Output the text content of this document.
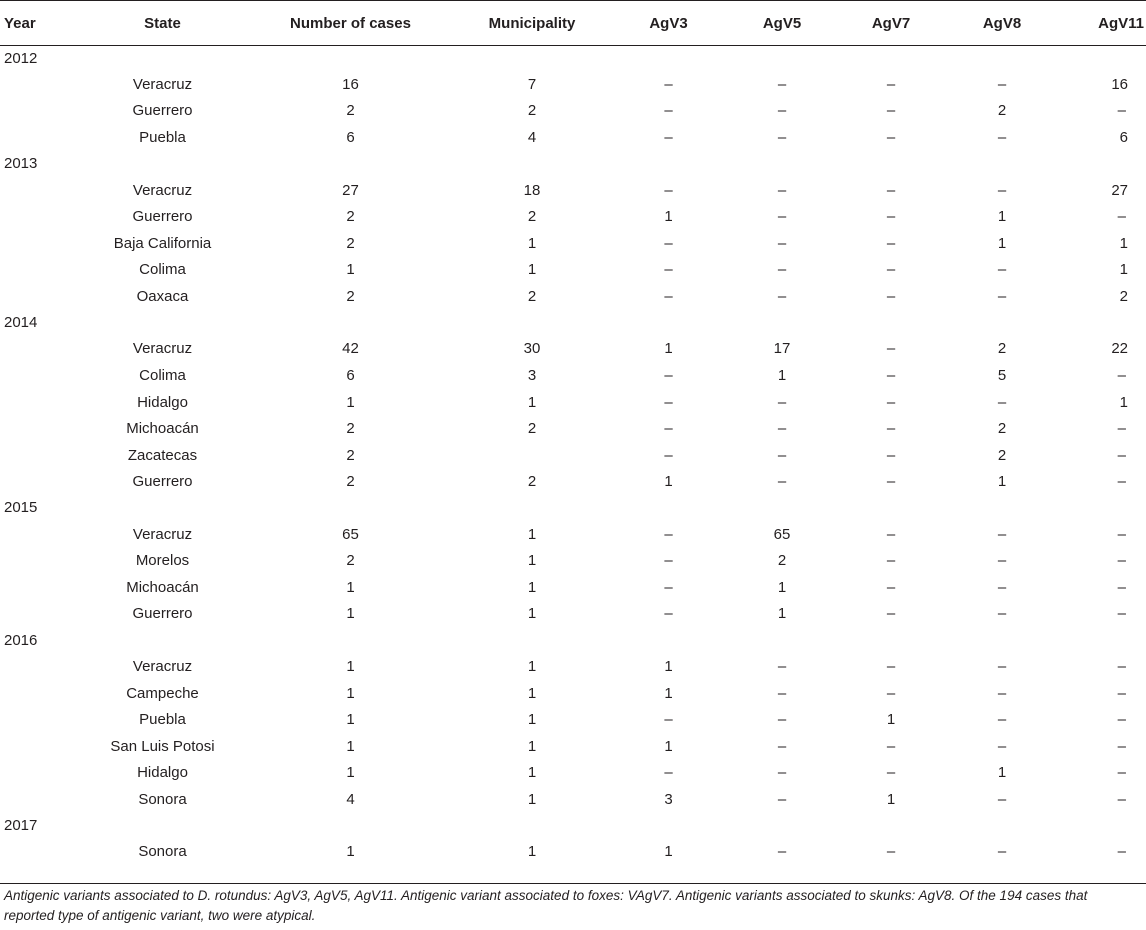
Year	State	Number of cases	Municipality	AgV3	AgV5	AgV7	AgV8	AgV11
2012								
	Veracruz	16	7	–	–	–	–	16
	Guerrero	2	2	–	–	–	2	–
	Puebla	6	4	–	–	–	–	6
2013								
	Veracruz	27	18	–	–	–	–	27
	Guerrero	2	2	1	–	–	1	–
	Baja California	2	1	–	–	–	1	1
	Colima	1	1	–	–	–	–	1
	Oaxaca	2	2	–	–	–	–	2
2014								
	Veracruz	42	30	1	17	–	2	22
	Colima	6	3	–	1	–	5	–
	Hidalgo	1	1	–	–	–	–	1
	Michoacán	2	2	–	–	–	2	–
	Zacatecas	2		–	–	–	2	–
	Guerrero	2	2	1	–	–	1	–
2015								
	Veracruz	65	1	–	65	–	–	–
	Morelos	2	1	–	2	–	–	–
	Michoacán	1	1	–	1	–	–	–
	Guerrero	1	1	–	1	–	–	–
2016								
	Veracruz	1	1	1	–	–	–	–
	Campeche	1	1	1	–	–	–	–
	Puebla	1	1	–	–	1	–	–
	San Luis Potosi	1	1	1	–	–	–	–
	Hidalgo	1	1	–	–	–	1	–
	Sonora	4	1	3	–	1	–	–
2017								
	Sonora	1	1	1	–	–	–	–
Antigenic variants associated to D. rotundus: AgV3, AgV5, AgV11. Antigenic variant associated to foxes: VAgV7. Antigenic variants associated to skunks: AgV8. Of the 194 cases that reported type of antigenic variant, two were atypical.
